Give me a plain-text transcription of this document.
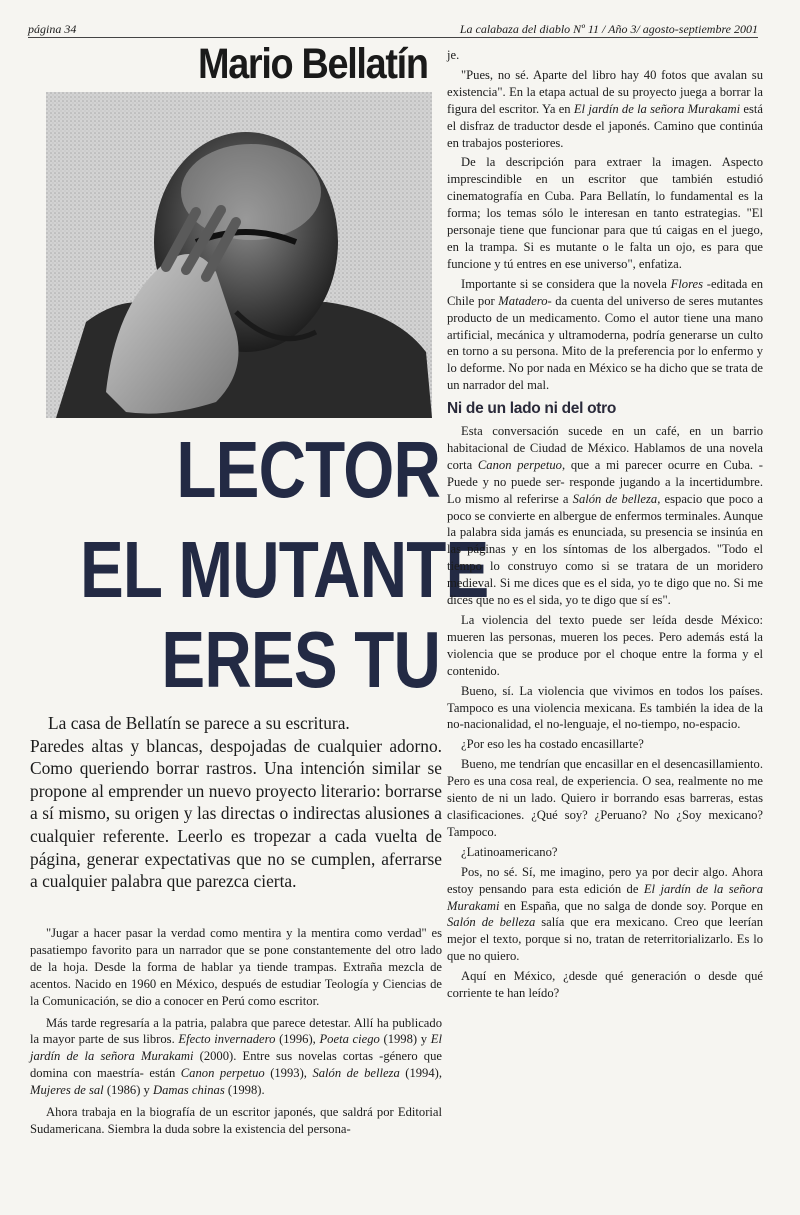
página 34	La calabaza del diablo Nº 11 / Año 3/ agosto-septiembre 2001
Mario Bellatín
LECTOR
EL MUTANTE
ERES TU

La casa de Bellatín se parece a su escritura.

Paredes altas y blancas, despojadas de cualquier adorno. Como queriendo borrar rastros. Una intención similar se propone al emprender un nuevo proyecto literario: borrarse a sí mismo, su origen y las directas o indirectas alusiones a cualquier referente. Leerlo es tropezar a cada vuelta de página, generar expectativas que no se cumplen, aferrarse a cualquier palabra que parezca cierta.

"Jugar a hacer pasar la verdad como mentira y la mentira como verdad" es pasatiempo favorito para un narrador que se pone constantemente del otro lado de la hoja. Desde la forma de hablar ya tiende trampas. Extraña mezcla de acentos. Nacido en 1960 en México, después de estudiar Teología y Ciencias de la Comunicación, se dio a conocer en Perú como escritor.

Más tarde regresaría a la patria, palabra que parece detestar. Allí ha publicado la mayor parte de sus libros. Efecto invernadero (1996), Poeta ciego (1998) y El jardín de la señora Murakami (2000). Entre sus novelas cortas -género que domina con maestría- están Canon perpetuo (1993), Salón de belleza (1994), Mujeres de sal (1986) y Damas chinas (1998).

Ahora trabaja en la biografía de un escritor japonés, que saldrá por Editorial Sudamericana. Siembra la duda sobre la existencia del persona-

je.

"Pues, no sé. Aparte del libro hay 40 fotos que avalan su existencia". En la etapa actual de su proyecto juega a borrar la figura del escritor. Ya en El jardín de la señora Murakami está el disfraz de traductor desde el japonés. Camino que continúa en trabajos posteriores.

De la descripción para extraer la imagen. Aspecto imprescindible en un escritor que también estudió cinematografía en Cuba. Para Bellatín, lo fundamental es la forma; los temas sólo le interesan en tanto estrategias. "El personaje tiene que funcionar para que tú caigas en el juego, en la trampa. Si es mutante o le falta un ojo, es para que funcione y tú entres en ese universo", enfatiza.

Importante si se considera que la novela Flores -editada en Chile por Matadero- da cuenta del universo de seres mutantes producto de un medicamento. Como el autor tiene una mano artificial, mecánica y ultramoderna, podría generarse un culto en torno a su persona. Mito de la preferencia por lo enfermo y lo deforme. No por nada en México se ha dicho que se trata de un narrador del mal.

Ni de un lado ni del otro

Esta conversación sucede en un café, en un barrio habitacional de Ciudad de México. Hablamos de una novela corta Canon perpetuo, que a mi parecer ocurre en Cuba. -Puede y no puede ser- responde jugando a la incertidumbre. Lo mismo al referirse a Salón de belleza, espacio que poco a poco se convierte en albergue de enfermos terminales. Aunque la palabra sida jamás es enunciada, su presencia se insinúa en las páginas y en los síntomas de los albergados. "Todo el tiempo lo construyo como si se tratara de un moridero medieval. Si me dices que es el sida, yo te digo que no. Si me dices que no es el sida, yo te digo que sí es".

La violencia del texto puede ser leída desde México: mueren las personas, mueren los peces. Pero además está la violencia que se produce por el choque entre la forma y el contenido.

Bueno, sí. La violencia que vivimos en todos los países. Tampoco es una violencia mexicana. Es también la idea de la no-nacionalidad, el no-lenguaje, el no-tiempo, no-espacio.

¿Por eso les ha costado encasillarte?

Bueno, me tendrían que encasillar en el desencasillamiento. Pero es una cosa real, de experiencia. O sea, realmente no me siento de ni un lado. Quiero ir borrando esas barreras, estas clasificaciones. ¿Qué soy? ¿Peruano? No ¿Soy mexicano? Tampoco.

¿Latinoamericano?

Pos, no sé. Sí, me imagino, pero ya por decir algo. Ahora estoy pensando para esta edición de El jardín de la señora Murakami en España, que no salga de donde soy. Porque en Salón de belleza salía que era mexicano. Creo que leerían mejor el texto, porque si no, tratan de reterritorializarlo. Es lo que no quiero.

Aquí en México, ¿desde qué generación o desde qué corriente te han leído?
